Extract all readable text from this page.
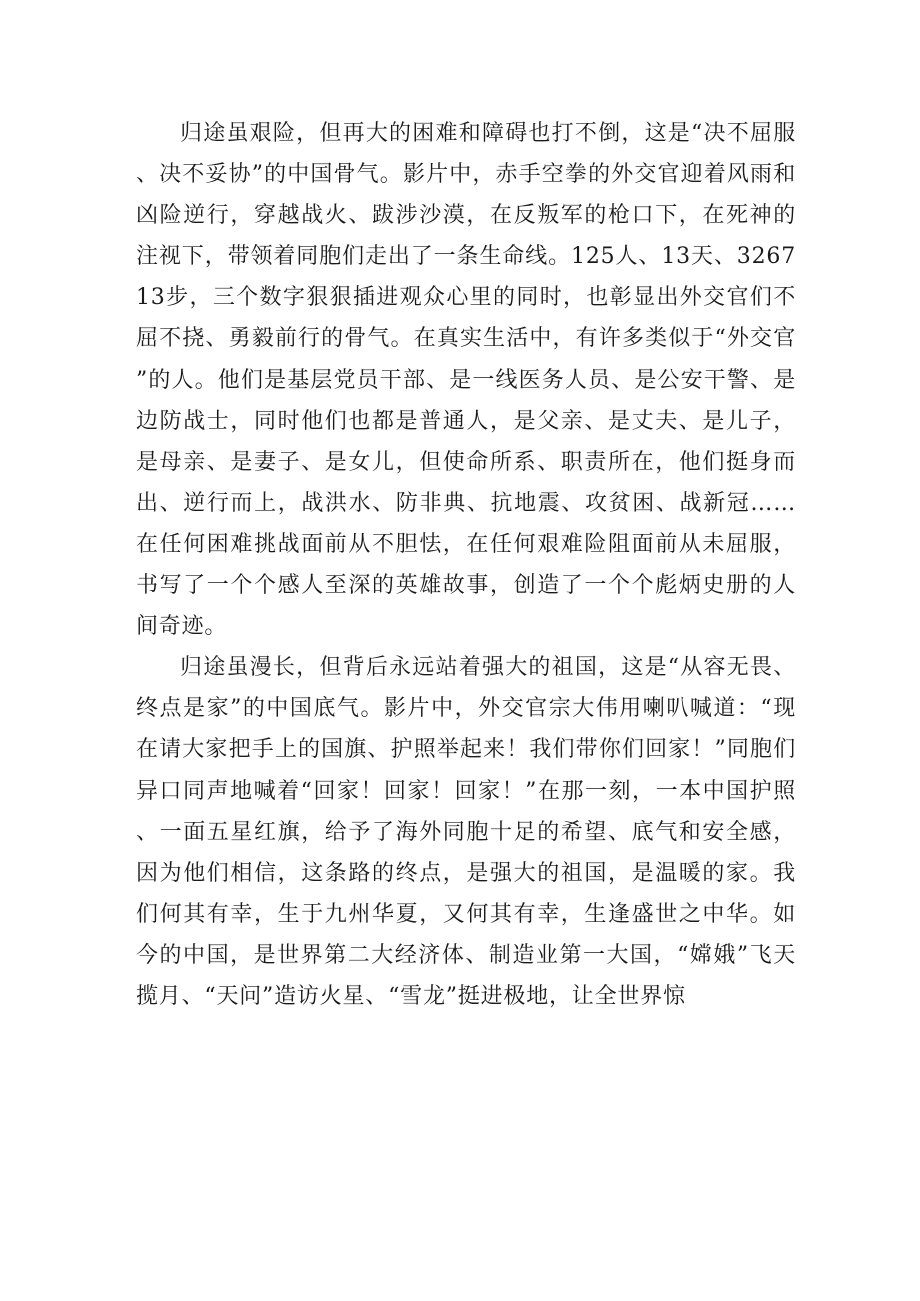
归途虽艰险，但再大的困难和障碍也打不倒，这是“决不屈服、决不妥协”的中国骨气。影片中，赤手空拳的外交官迎着风雨和凶险逆行，穿越战火、跋涉沙漠，在反叛军的枪口下，在死神的注视下，带领着同胞们走出了一条生命线。125人、13天、326713步，三个数字狠狠插进观众心里的同时，也彰显出外交官们不屈不挠、勇毅前行的骨气。在真实生活中，有许多类似于“外交官”的人。他们是基层党员干部、是一线医务人员、是公安干警、是边防战士，同时他们也都是普通人，是父亲、是丈夫、是儿子，是母亲、是妻子、是女儿，但使命所系、职责所在，他们挺身而出、逆行而上，战洪水、防非典、抗地震、攻贫困、战新冠……在任何困难挑战面前从不胆怯，在任何艰难险阻面前从未屈服，书写了一个个感人至深的英雄故事，创造了一个个彪炳史册的人间奇迹。

归途虽漫长，但背后永远站着强大的祖国，这是“从容无畏、终点是家”的中国底气。影片中，外交官宗大伟用喇叭喊道：“现在请大家把手上的国旗、护照举起来！我们带你们回家！”同胞们异口同声地喊着“回家！回家！回家！”在那一刻，一本中国护照、一面五星红旗，给予了海外同胞十足的希望、底气和安全感，因为他们相信，这条路的终点，是强大的祖国，是温暖的家。我们何其有幸，生于九州华夏，又何其有幸，生逢盛世之中华。如今的中国，是世界第二大经济体、制造业第一大国，“嫦娥”飞天揽月、“天问”造访火星、“雪龙”挺进极地，让全世界惊
